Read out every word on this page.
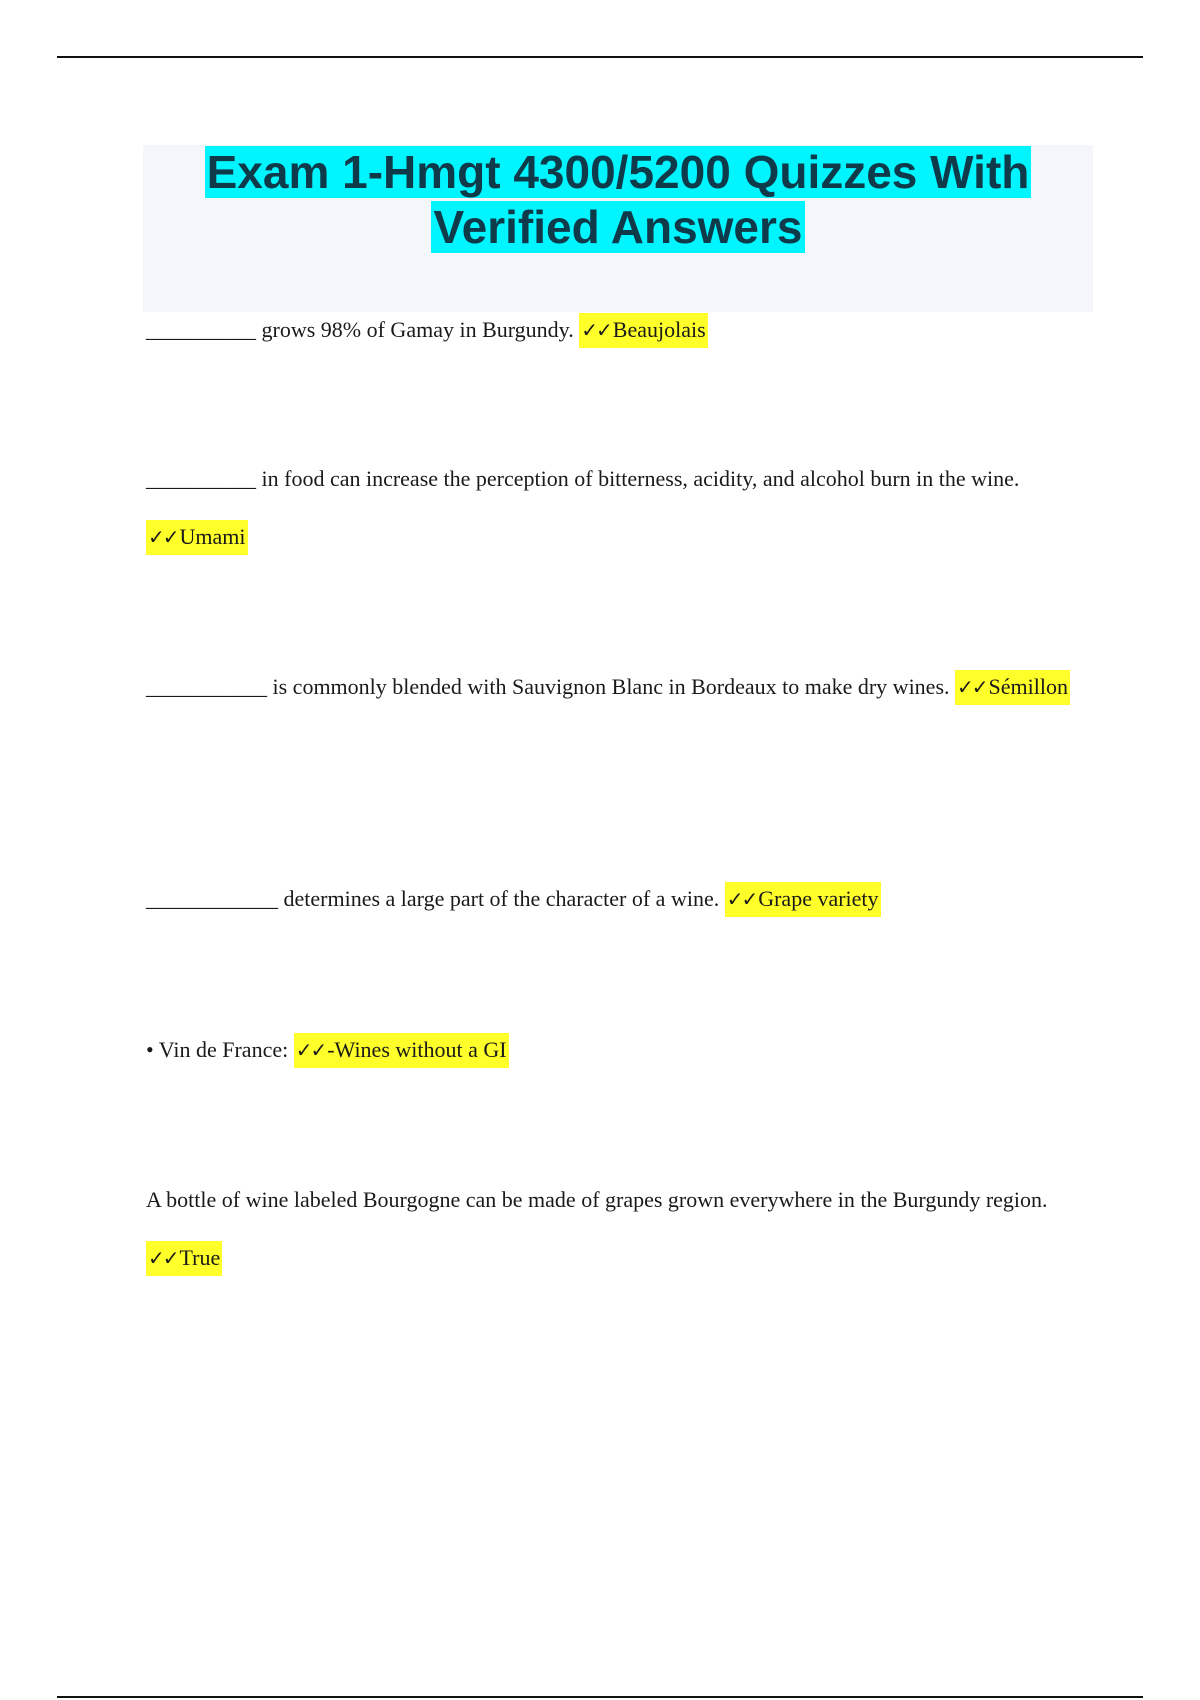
Exam 1-Hmgt 4300/5200 Quizzes With
Verified Answers

__________ grows 98% of Gamay in Burgundy. ✓✓Beaujolais

__________ in food can increase the perception of bitterness, acidity, and alcohol burn in the wine. ✓✓Umami

___________ is commonly blended with Sauvignon Blanc in Bordeaux to make dry wines. ✓✓Sémillon

____________ determines a large part of the character of a wine. ✓✓Grape variety

• Vin de France: ✓✓-Wines without a GI

A bottle of wine labeled Bourgogne can be made of grapes grown everywhere in the Burgundy region. ✓✓True
